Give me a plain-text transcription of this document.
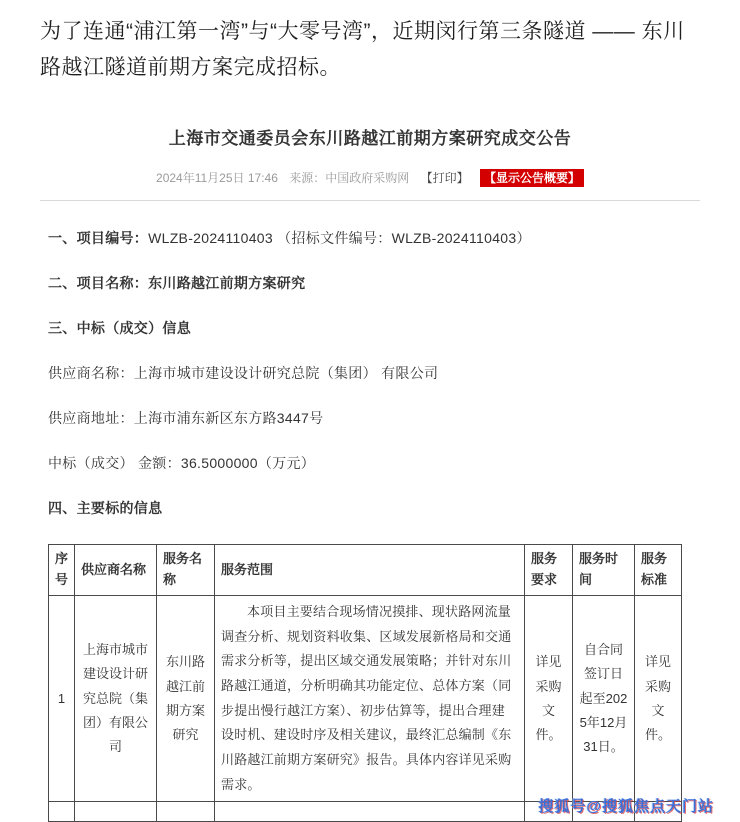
为了连通“浦江第一湾”与“大零号湾”，近期闵行第三条隧道 —— 东川路越江隧道前期方案完成招标。

上海市交通委员会东川路越江前期方案研究成交公告
2024年11月25日 17:46 来源：中国政府采购网 【打印】 【显示公告概要】

一、项目编号：WLZB-2024110403 （招标文件编号：WLZB-2024110403）

二、项目名称：东川路越江前期方案研究

三、中标（成交）信息

供应商名称：上海市城市建设设计研究总院（集团） 有限公司

供应商地址：上海市浦东新区东方路3447号

中标（成交） 金额：36.5000000（万元）

四、主要标的信息

序号	供应商名称	服务名称	服务范围	服务要求	服务时间	服务标准
1	上海市城市建设设计研究总院（集团）有限公司	东川路越江前期方案研究	本项目主要结合现场情况摸排、现状路网流量调查分析、规划资料收集、区域发展新格局和交通需求分析等，提出区域交通发展策略；并针对东川路越江通道，分析明确其功能定位、总体方案（同步提出慢行越江方案）、初步估算等，提出合理建设时机、建设时序及相关建议，最终汇总编制《东川路越江前期方案研究》报告。具体内容详见采购需求。	详见采购文件。	自合同签订日起至2025年12月31日。	详见采购文件。

搜狐号@搜狐焦点天门站
